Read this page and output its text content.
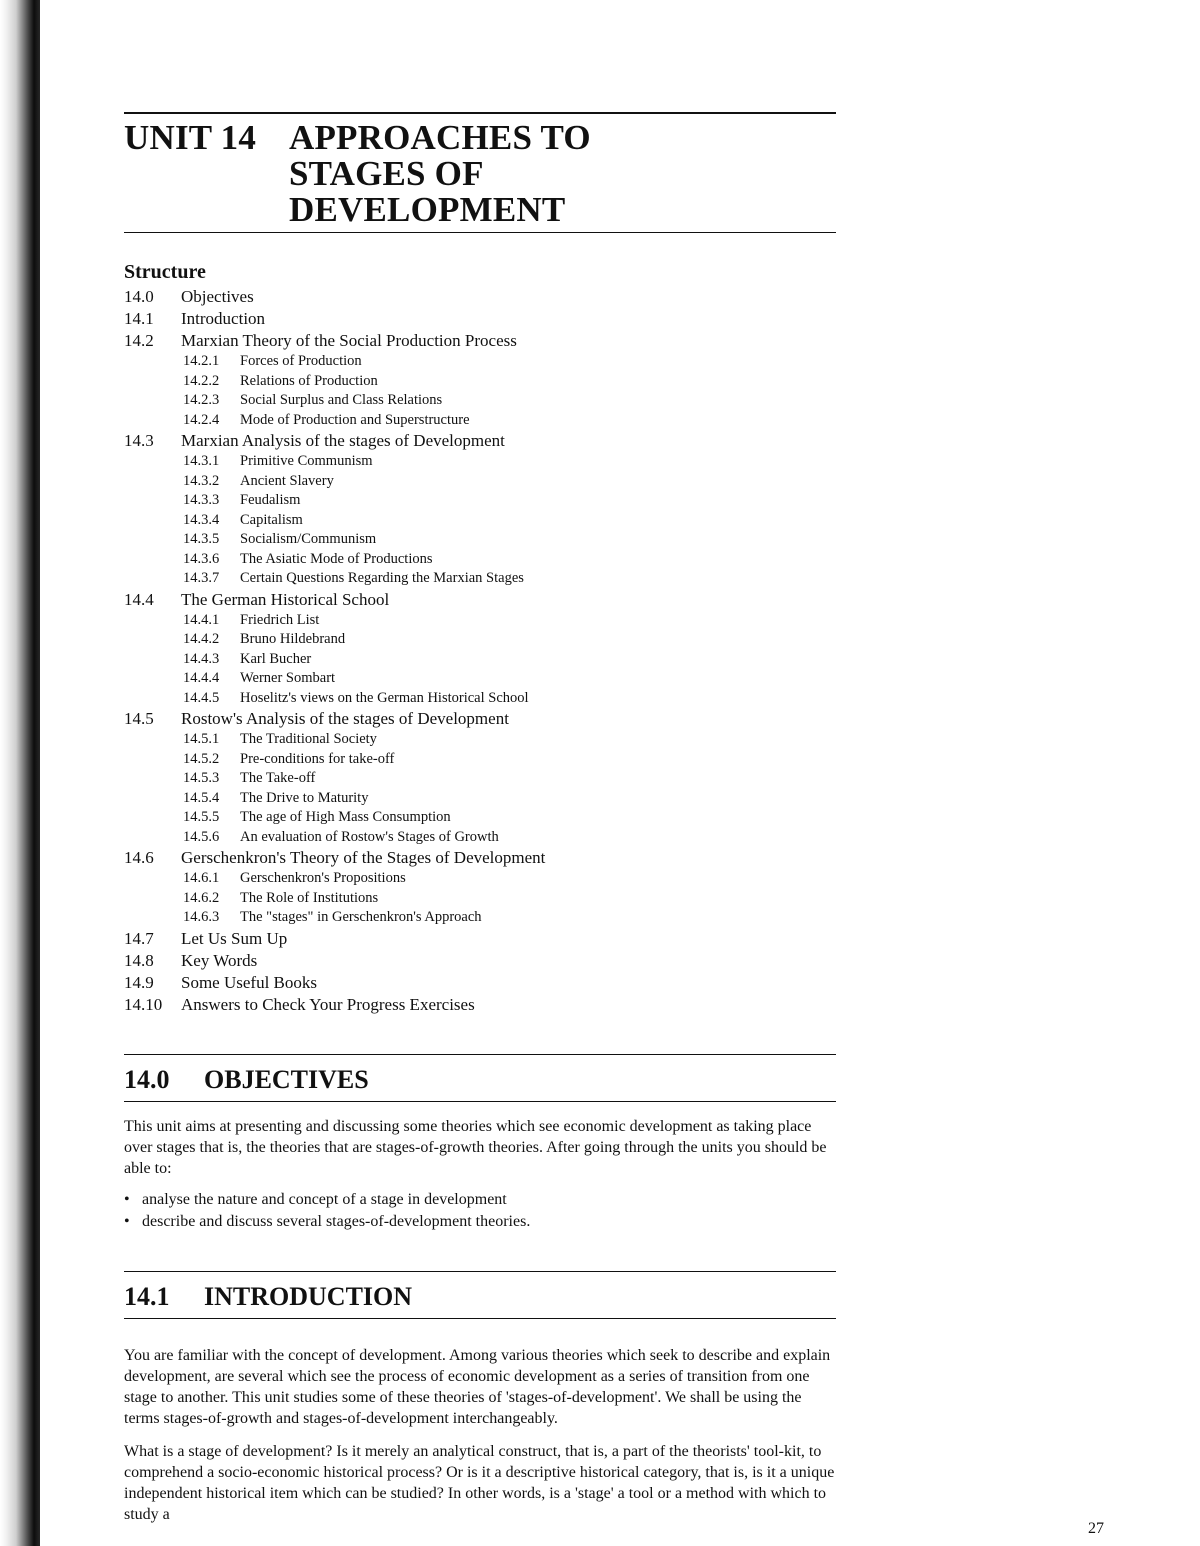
UNIT 14 APPROACHES TO STAGES OF DEVELOPMENT
Structure
14.0	Objectives
14.1	Introduction
14.2	Marxian Theory of the Social Production Process
14.2.1	Forces of Production
14.2.2	Relations of Production
14.2.3	Social Surplus and Class Relations
14.2.4	Mode of Production and Superstructure
14.3	Marxian Analysis of the stages of Development
14.3.1	Primitive Communism
14.3.2	Ancient Slavery
14.3.3	Feudalism
14.3.4	Capitalism
14.3.5	Socialism/Communism
14.3.6	The Asiatic Mode of Productions
14.3.7	Certain Questions Regarding the Marxian Stages
14.4	The German Historical School
14.4.1	Friedrich List
14.4.2	Bruno Hildebrand
14.4.3	Karl Bucher
14.4.4	Werner Sombart
14.4.5	Hoselitz's views on the German Historical School
14.5	Rostow's Analysis of the stages of Development
14.5.1	The Traditional Society
14.5.2	Pre-conditions for take-off
14.5.3	The Take-off
14.5.4	The Drive to Maturity
14.5.5	The age of High Mass Consumption
14.5.6	An evaluation of Rostow's Stages of Growth
14.6	Gerschenkron's Theory of the Stages of Development
14.6.1	Gerschenkron's Propositions
14.6.2	The Role of Institutions
14.6.3	The "stages" in Gerschenkron's Approach
14.7	Let Us Sum Up
14.8	Key Words
14.9	Some Useful Books
14.10	Answers to Check Your Progress Exercises
14.0 OBJECTIVES

This unit aims at presenting and discussing some theories which see economic development as taking place over stages that is, the theories that are stages-of-growth theories. After going through the units you should be able to:

• analyse the nature and concept of a stage in development
• describe and discuss several stages-of-development theories.
14.1 INTRODUCTION

You are familiar with the concept of development. Among various theories which seek to describe and explain development, are several which see the process of economic development as a series of transition from one stage to another. This unit studies some of these theories of 'stages-of-development'. We shall be using the terms stages-of-growth and stages-of-development interchangeably.

What is a stage of development? Is it merely an analytical construct, that is, a part of the theorists' tool-kit, to comprehend a socio-economic historical process? Or is it a descriptive historical category, that is, is it a unique independent historical item which can be studied? In other words, is a 'stage' a tool or a method with which to study a

27
